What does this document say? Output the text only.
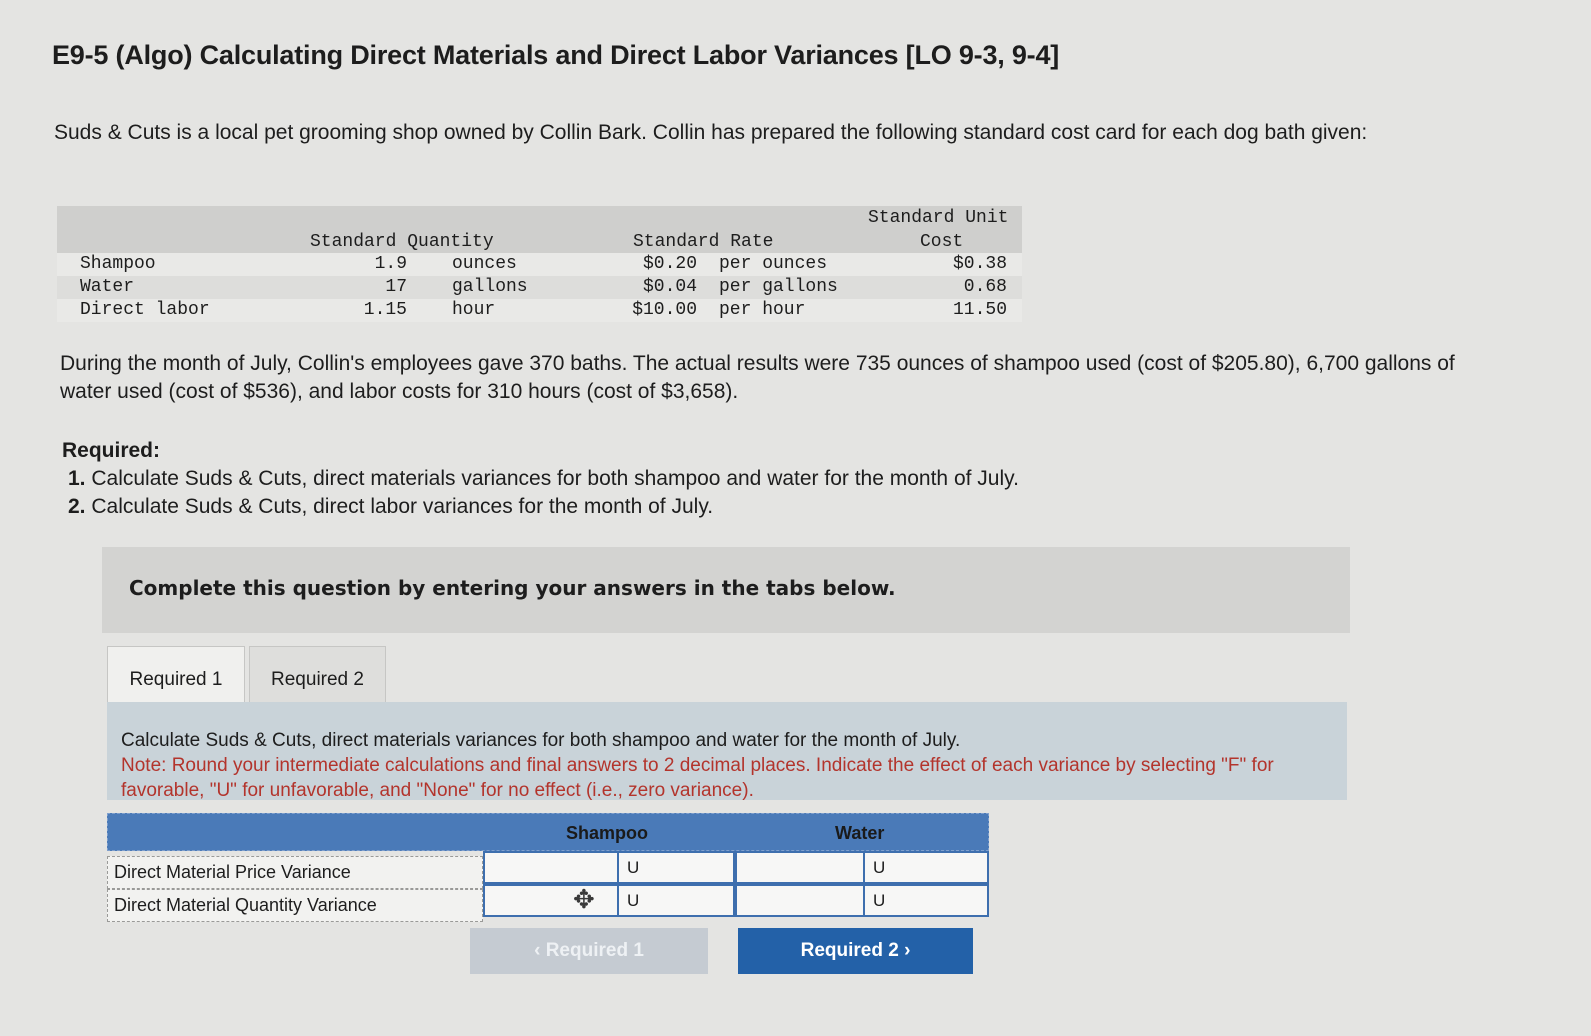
E9-5 (Algo) Calculating Direct Materials and Direct Labor Variances [LO 9-3, 9-4]
Suds & Cuts is a local pet grooming shop owned by Collin Bark. Collin has prepared the following standard cost card for each dog bath given:
Standard Quantity	Standard Rate
Standard Unit
Cost
Shampoo	1.9	ounces	$0.20 per ounces	$0.38
Water	17	gallons	$0.04 per gallons	0.68
Direct labor	1.15	hour	$10.00 per hour	11.50
During the month of July, Collin's employees gave 370 baths. The actual results were 735 ounces of shampoo used (cost of $205.80), 6,700 gallons of water used (cost of $536), and labor costs for 310 hours (cost of $3,658).
Required:
1. Calculate Suds & Cuts, direct materials variances for both shampoo and water for the month of July.
2. Calculate Suds & Cuts, direct labor variances for the month of July.
Complete this question by entering your answers in the tabs below.
Required 1	Required 2
Calculate Suds & Cuts, direct materials variances for both shampoo and water for the month of July.
Note: Round your intermediate calculations and final answers to 2 decimal places. Indicate the effect of each variance by selecting "F" for favorable, "U" for unfavorable, and "None" for no effect (i.e., zero variance).
Shampoo	Water
Direct Material Price Variance	U	U
Direct Material Quantity Variance	U	U
✥
‹ Required 1	Required 2 ›
